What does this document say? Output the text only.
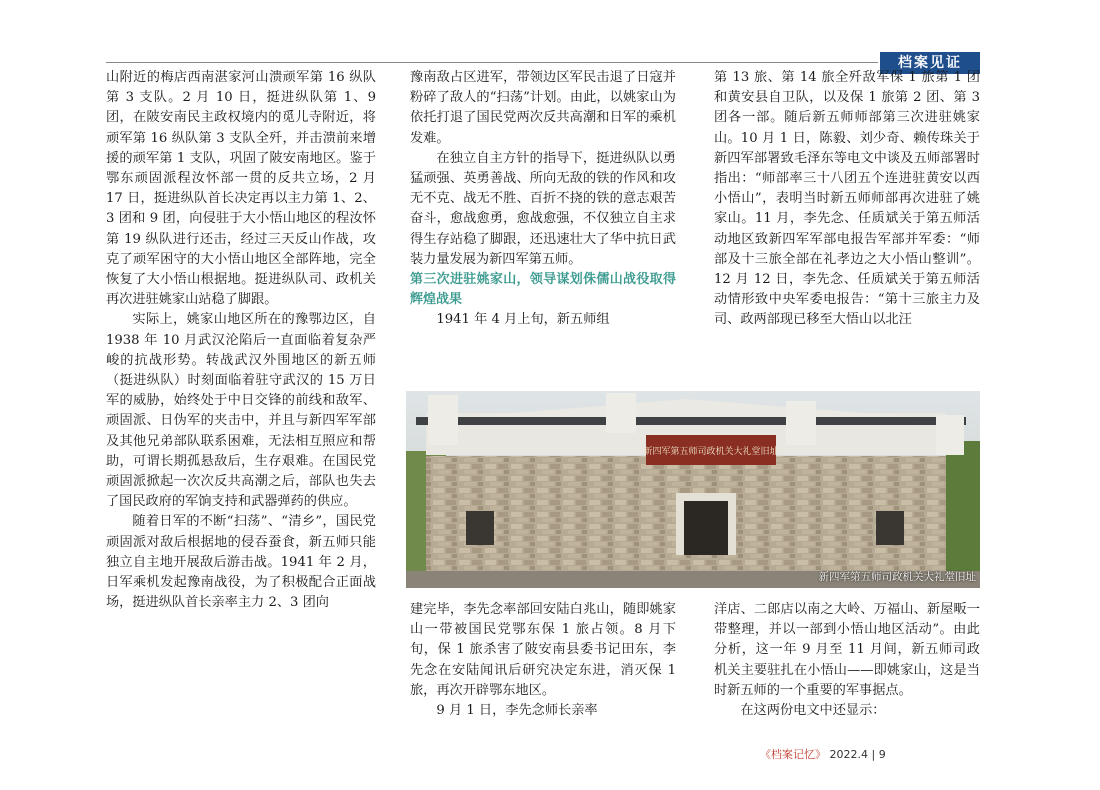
档案见证

山附近的梅店西南湛家河山溃顽军第 16 纵队第 3 支队。2 月 10 日，挺进纵队第 1、9 团，在陂安南民主政权境内的觅儿寺附近，将顽军第 16 纵队第 3 支队全歼，并击溃前来增援的顽军第 1 支队，巩固了陂安南地区。鉴于鄂东顽固派程汝怀部一贯的反共立场，2 月 17 日，挺进纵队首长决定再以主力第 1、2、3 团和 9 团，向侵驻于大小悟山地区的程汝怀第 19 纵队进行还击，经过三天反山作战，攻克了顽军困守的大小悟山地区全部阵地，完全恢复了大小悟山根据地。挺进纵队司、政机关再次进驻姚家山站稳了脚跟。

实际上，姚家山地区所在的豫鄂边区，自 1938 年 10 月武汉沦陷后一直面临着复杂严峻的抗战形势。转战武汉外围地区的新五师（挺进纵队）时刻面临着驻守武汉的 15 万日军的威胁，始终处于中日交锋的前线和敌军、顽固派、日伪军的夹击中，并且与新四军军部及其他兄弟部队联系困难，无法相互照应和帮助，可谓长期孤悬敌后，生存艰难。在国民党顽固派掀起一次次反共高潮之后，部队也失去了国民政府的军饷支持和武器弹药的供应。

随着日军的不断“扫荡”、“清乡”，国民党顽固派对敌后根据地的侵吞蚕食，新五师只能独立自主地开展敌后游击战。1941 年 2 月，日军乘机发起豫南战役，为了积极配合正面战场，挺进纵队首长亲率主力 2、3 团向

豫南敌占区进军，带领边区军民击退了日寇并粉碎了敌人的“扫荡”计划。由此，以姚家山为依托打退了国民党两次反共高潮和日军的乘机发难。

在独立自主方针的指导下，挺进纵队以勇猛顽强、英勇善战、所向无敌的铁的作风和攻无不克、战无不胜、百折不挠的铁的意志艰苦奋斗，愈战愈勇，愈战愈强，不仅独立自主求得生存站稳了脚跟，还迅速壮大了华中抗日武装力量发展为新四军第五师。

第三次进驻姚家山，领导谋划侏儒山战役取得辉煌战果

1941 年 4 月上旬，新五师组

第 13 旅、第 14 旅全歼敌军保 1 旅第 1 团和黄安县自卫队，以及保 1 旅第 2 团、第 3 团各一部。随后新五师师部第三次进驻姚家山。10 月 1 日，陈毅、刘少奇、赖传珠关于新四军部署致毛泽东等电文中谈及五师部署时指出：“师部率三十八团五个连进驻黄安以西小悟山”，表明当时新五师师部再次进驻了姚家山。11 月，李先念、任质斌关于第五师活动地区致新四军军部电报告军部并军委：“师部及十三旅全部在礼孝边之大小悟山整训”。12 月 12 日，李先念、任质斌关于第五师活动情形致中央军委电报告：“第十三旅主力及司、政两部现已移至大悟山以北汪

新四军第五师司政机关大礼堂旧址
新四军第五师司政机关大礼堂旧址

建完毕，李先念率部回安陆白兆山，随即姚家山一带被国民党鄂东保 1 旅占领。8 月下旬，保 1 旅杀害了陂安南县委书记田东，李先念在安陆闻讯后研究决定东进，消灭保 1 旅，再次开辟鄂东地区。

9 月 1 日，李先念师长亲率

洋店、二郎店以南之大岭、万福山、新屋畈一带整理，并以一部到小悟山地区活动”。由此分析，这一年 9 月至 11 月间，新五师司政机关主要驻扎在小悟山——即姚家山，这是当时新五师的一个重要的军事据点。

在这两份电文中还显示：

《档案记忆》 2022.4 | 9
